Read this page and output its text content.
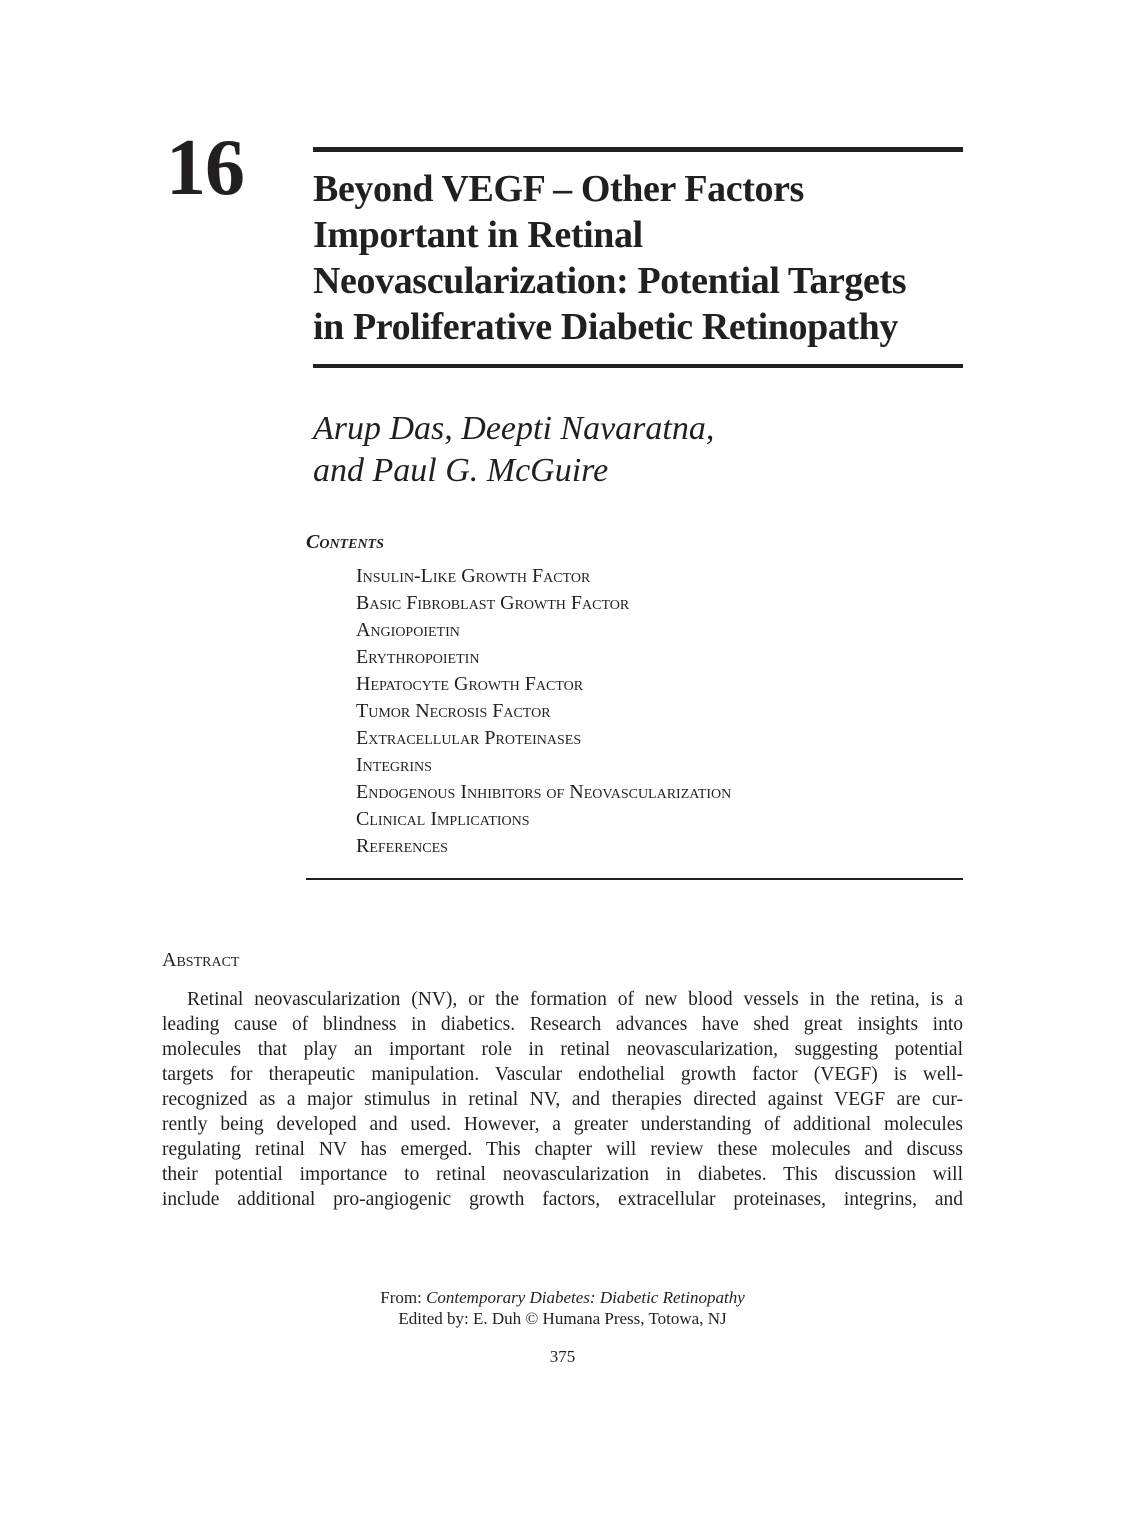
16 Beyond VEGF – Other Factors
Important in Retinal
Neovascularization: Potential Targets
in Proliferative Diabetic Retinopathy
Arup Das, Deepti Navaratna,
and Paul G. McGuire
Contents
Insulin-Like Growth Factor
Basic Fibroblast Growth Factor
Angiopoietin
Erythropoietin
Hepatocyte Growth Factor
Tumor Necrosis Factor
Extracellular Proteinases
Integrins
Endogenous Inhibitors of Neovascularization
Clinical Implications
References
Abstract
Retinal neovascularization (NV), or the formation of new blood vessels in the retina, is a
leading cause of blindness in diabetics. Research advances have shed great insights into
molecules that play an important role in retinal neovascularization, suggesting potential
targets for therapeutic manipulation. Vascular endothelial growth factor (VEGF) is well-
recognized as a major stimulus in retinal NV, and therapies directed against VEGF are cur-
rently being developed and used. However, a greater understanding of additional molecules
regulating retinal NV has emerged. This chapter will review these molecules and discuss
their potential importance to retinal neovascularization in diabetes. This discussion will
include additional pro-angiogenic growth factors, extracellular proteinases, integrins, and
From: Contemporary Diabetes: Diabetic Retinopathy
Edited by: E. Duh © Humana Press, Totowa, NJ
375
